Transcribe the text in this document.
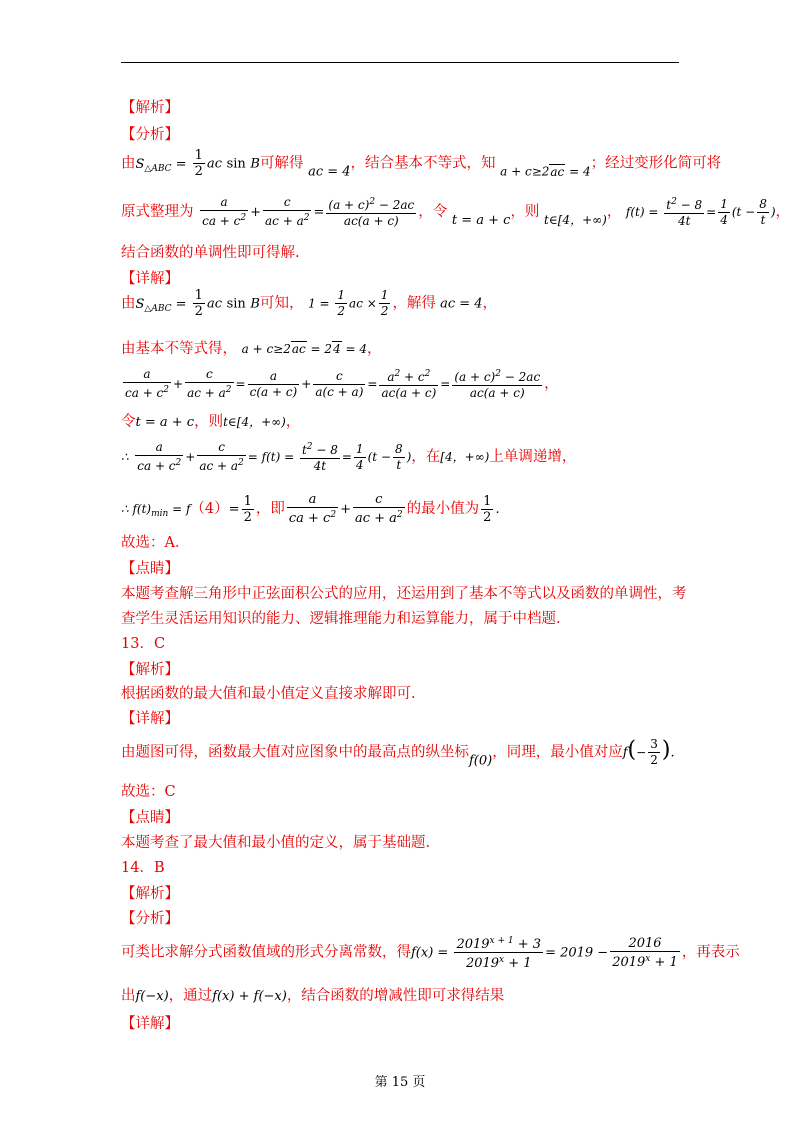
【解析】
【分析】
由$S_{\triangle ABC} = \frac{1}{2}$ ac sin B可解得 ac = 4，结合基本不等式，知 $_{a + c\ge 2ac = 4}$；经过变形化简可将
原式整理为 $\frac{a}{ca + c^2} + \frac{c}{ac + a^2} = \frac{(a + c)^2 - 2ac}{ac(a + c)}$ ，令 t = a + c，则 $_{t\in[4,+\infty)}$， $f(t) = \frac{t^2 - 8}{4t} = \frac{1}{4} (t - \frac{8}{t}$ )，
结合函数的单调性即可得解.
【详解】
由$S_{\triangle ABC} = \frac{1}{2}$ ac sin B可知， $1 = \frac{1}{2}$ ac × $\frac{1}{2}$ ，解得 ac = 4，
由基本不等式得， a + c≥2ac = 24 = 4，
$\frac{a}{ca + c^2} + \frac{c}{ac + a^2} = \frac{a}{c(a + c)} + \frac{c}{a(c + a)} = \frac{a^2 + c^2}{ac(a + c)} = \frac{(a + c)^2 - 2ac}{ac(a + c)}$ ，
令t = a + c，则t∈[4，+∞)，
∴ $\frac{a}{ca + c^2} + \frac{c}{ac + a^2} = f(t) = \frac{t^2 - 8}{4t} = \frac{1}{4} (t - \frac{8}{t}$ )，在[4，+∞)上单调递增，
∴ $f(t)_{min} = f(4)= \frac{1}{2}$ ，即 $\frac{a}{ca + c^2} + \frac{c}{ac + a^2}$ 的最小值为 $\frac{1}{2}$ .
故选：A．
【点睛】
本题考查解三角形中正弦面积公式的应用，还运用到了基本不等式以及函数的单调性，考
查学生灵活运用知识的能力、逻辑推理能力和运算能力，属于中档题.
13．C
【解析】
根据函数的最大值和最小值定义直接求解即可.
【详解】
由题图可得，函数最大值对应图象中的最高点的纵坐标f(0)，同理，最小值对应$f(- \frac{3}{2}$ ).
故选：C
【点睛】
本题考查了最大值和最小值的定义，属于基础题.
14．B
【解析】
【分析】
可类比求解分式函数值域的形式分离常数，得$f(x) = \frac{2019^{x + 1} + 3}{2019^x + 1} = 2019 - \frac{2016}{2019^x + 1}$ ，再表示
出f(−x)，通过f(x) + f(−x)，结合函数的增减性即可求得结果
【详解】
第 15 页
